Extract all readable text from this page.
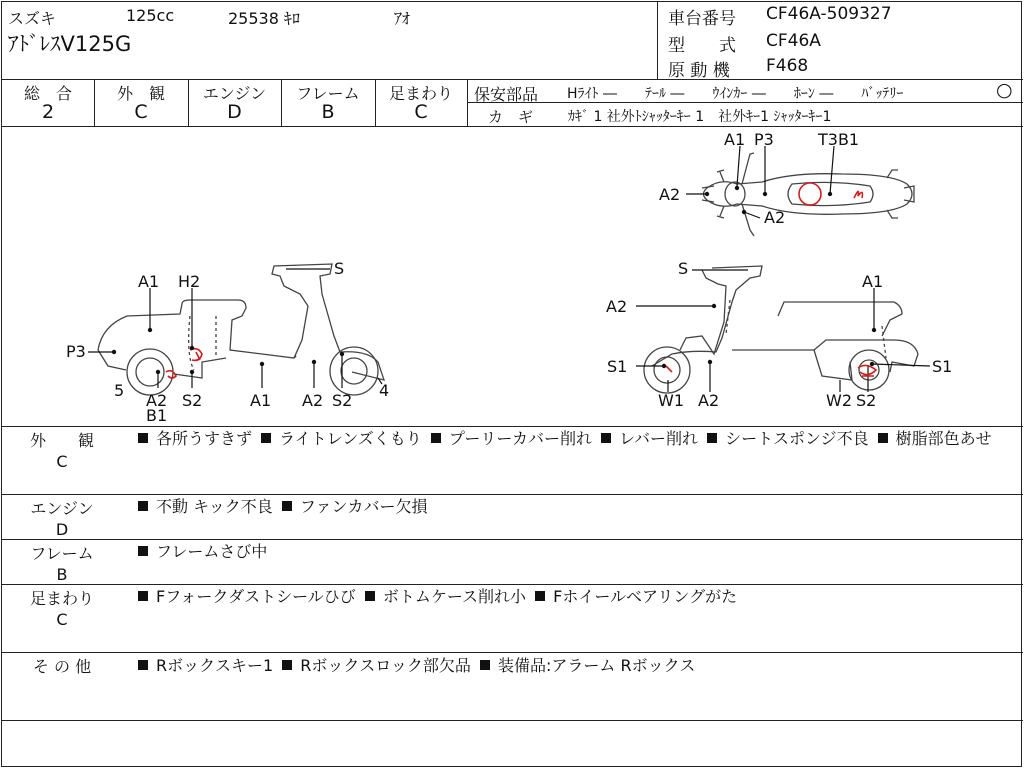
スズキ	125cc	25538 ｷﾛ	ｱｵ
ｱﾄﾞﾚｽV125G
車台番号 CF46A-509327
型　　式 CF46A
原 動 機 F468
総　合
2
外　観
C
エンジン
D
フレーム
B
足まわり
C
保安部品 Hﾗｲﾄ ―　　ﾃｰﾙ ―　　ｳｲﾝｶｰ ―　　ﾎｰﾝ ―　　ﾊﾞｯﾃﾘｰ	○
カ　ギ ｶｷﾞ 1 社外ﾄｼｬｯﾀｰｷｰ 1　社外ｷｰ1 ｼｬｯﾀｰｷｰ1
A1 P3	T3B1
A2
A2
S
A1 H2
P3
5
A2
B1
S2	A1 A2 S2
4
S
A2
A1
S1	S1
W1 A2	W2 S2
外　　観
C
各所うすきず ライトレンズくもり プーリーカバー削れ レバー削れ シートスポンジ不良 樹脂部色あせ
エンジン
D
不動 キック不良 ファンカバー欠損
フレーム
B
フレームさび中
足まわり
C
Fフォークダストシールひび ボトムケース削れ小 Fホイールベアリングがた
そ の 他	Rボックスキー1 Rボックスロック部欠品 装備品:アラーム Rボックス
